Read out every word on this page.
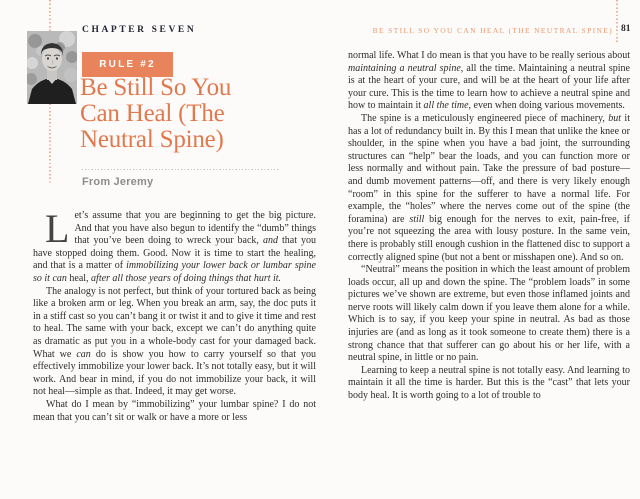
CHAPTER SEVEN
RULE #2
Be Still So You
Can Heal (The
Neutral Spine)
From Jeremy

Let’s assume that you are beginning to get the big picture. And that you have also begun to identify the “dumb” things that you’ve been doing to wreck your back, and that you have stopped doing them. Good. Now it is time to start the healing, and that is a matter of immobilizing your lower back or lumbar spine so it can heal, after all those years of doing things that hurt it.

The analogy is not perfect, but think of your tortured back as being like a broken arm or leg. When you break an arm, say, the doc puts it in a stiff cast so you can’t bang it or twist it and to give it time and rest to heal. The same with your back, except we can’t do anything quite as dramatic as put you in a whole-body cast for your damaged back. What we can do is show you how to carry yourself so that you effectively immobilize your lower back. It’s not totally easy, but it will work. And bear in mind, if you do not immobilize your back, it will not heal—simple as that. Indeed, it may get worse.

What do I mean by “immobilizing” your lumbar spine? I do not mean that you can’t sit or walk or have a more or less

BE STILL SO YOU CAN HEAL (THE NEUTRAL SPINE) 81

normal life. What I do mean is that you have to be really serious about maintaining a neutral spine, all the time. Maintaining a neutral spine is at the heart of your cure, and will be at the heart of your life after your cure. This is the time to learn how to achieve a neutral spine and how to maintain it all the time, even when doing various movements.

The spine is a meticulously engineered piece of machinery, but it has a lot of redundancy built in. By this I mean that unlike the knee or shoulder, in the spine when you have a bad joint, the surrounding structures can “help” bear the loads, and you can function more or less normally and without pain. Take the pressure of bad posture—and dumb movement patterns—off, and there is very likely enough “room” in this spine for the sufferer to have a normal life. For example, the “holes” where the nerves come out of the spine (the foramina) are still big enough for the nerves to exit, pain-free, if you’re not squeezing the area with lousy posture. In the same vein, there is probably still enough cushion in the flattened disc to support a correctly aligned spine (but not a bent or misshapen one). And so on.

“Neutral” means the position in which the least amount of problem loads occur, all up and down the spine. The “problem loads” in some pictures we’ve shown are extreme, but even those inflamed joints and nerve roots will likely calm down if you leave them alone for a while. Which is to say, if you keep your spine in neutral. As bad as those injuries are (and as long as it took someone to create them) there is a strong chance that that sufferer can go about his or her life, with a neutral spine, in little or no pain.

Learning to keep a neutral spine is not totally easy. And learning to maintain it all the time is harder. But this is the “cast” that lets your body heal. It is worth going to a lot of trouble to
